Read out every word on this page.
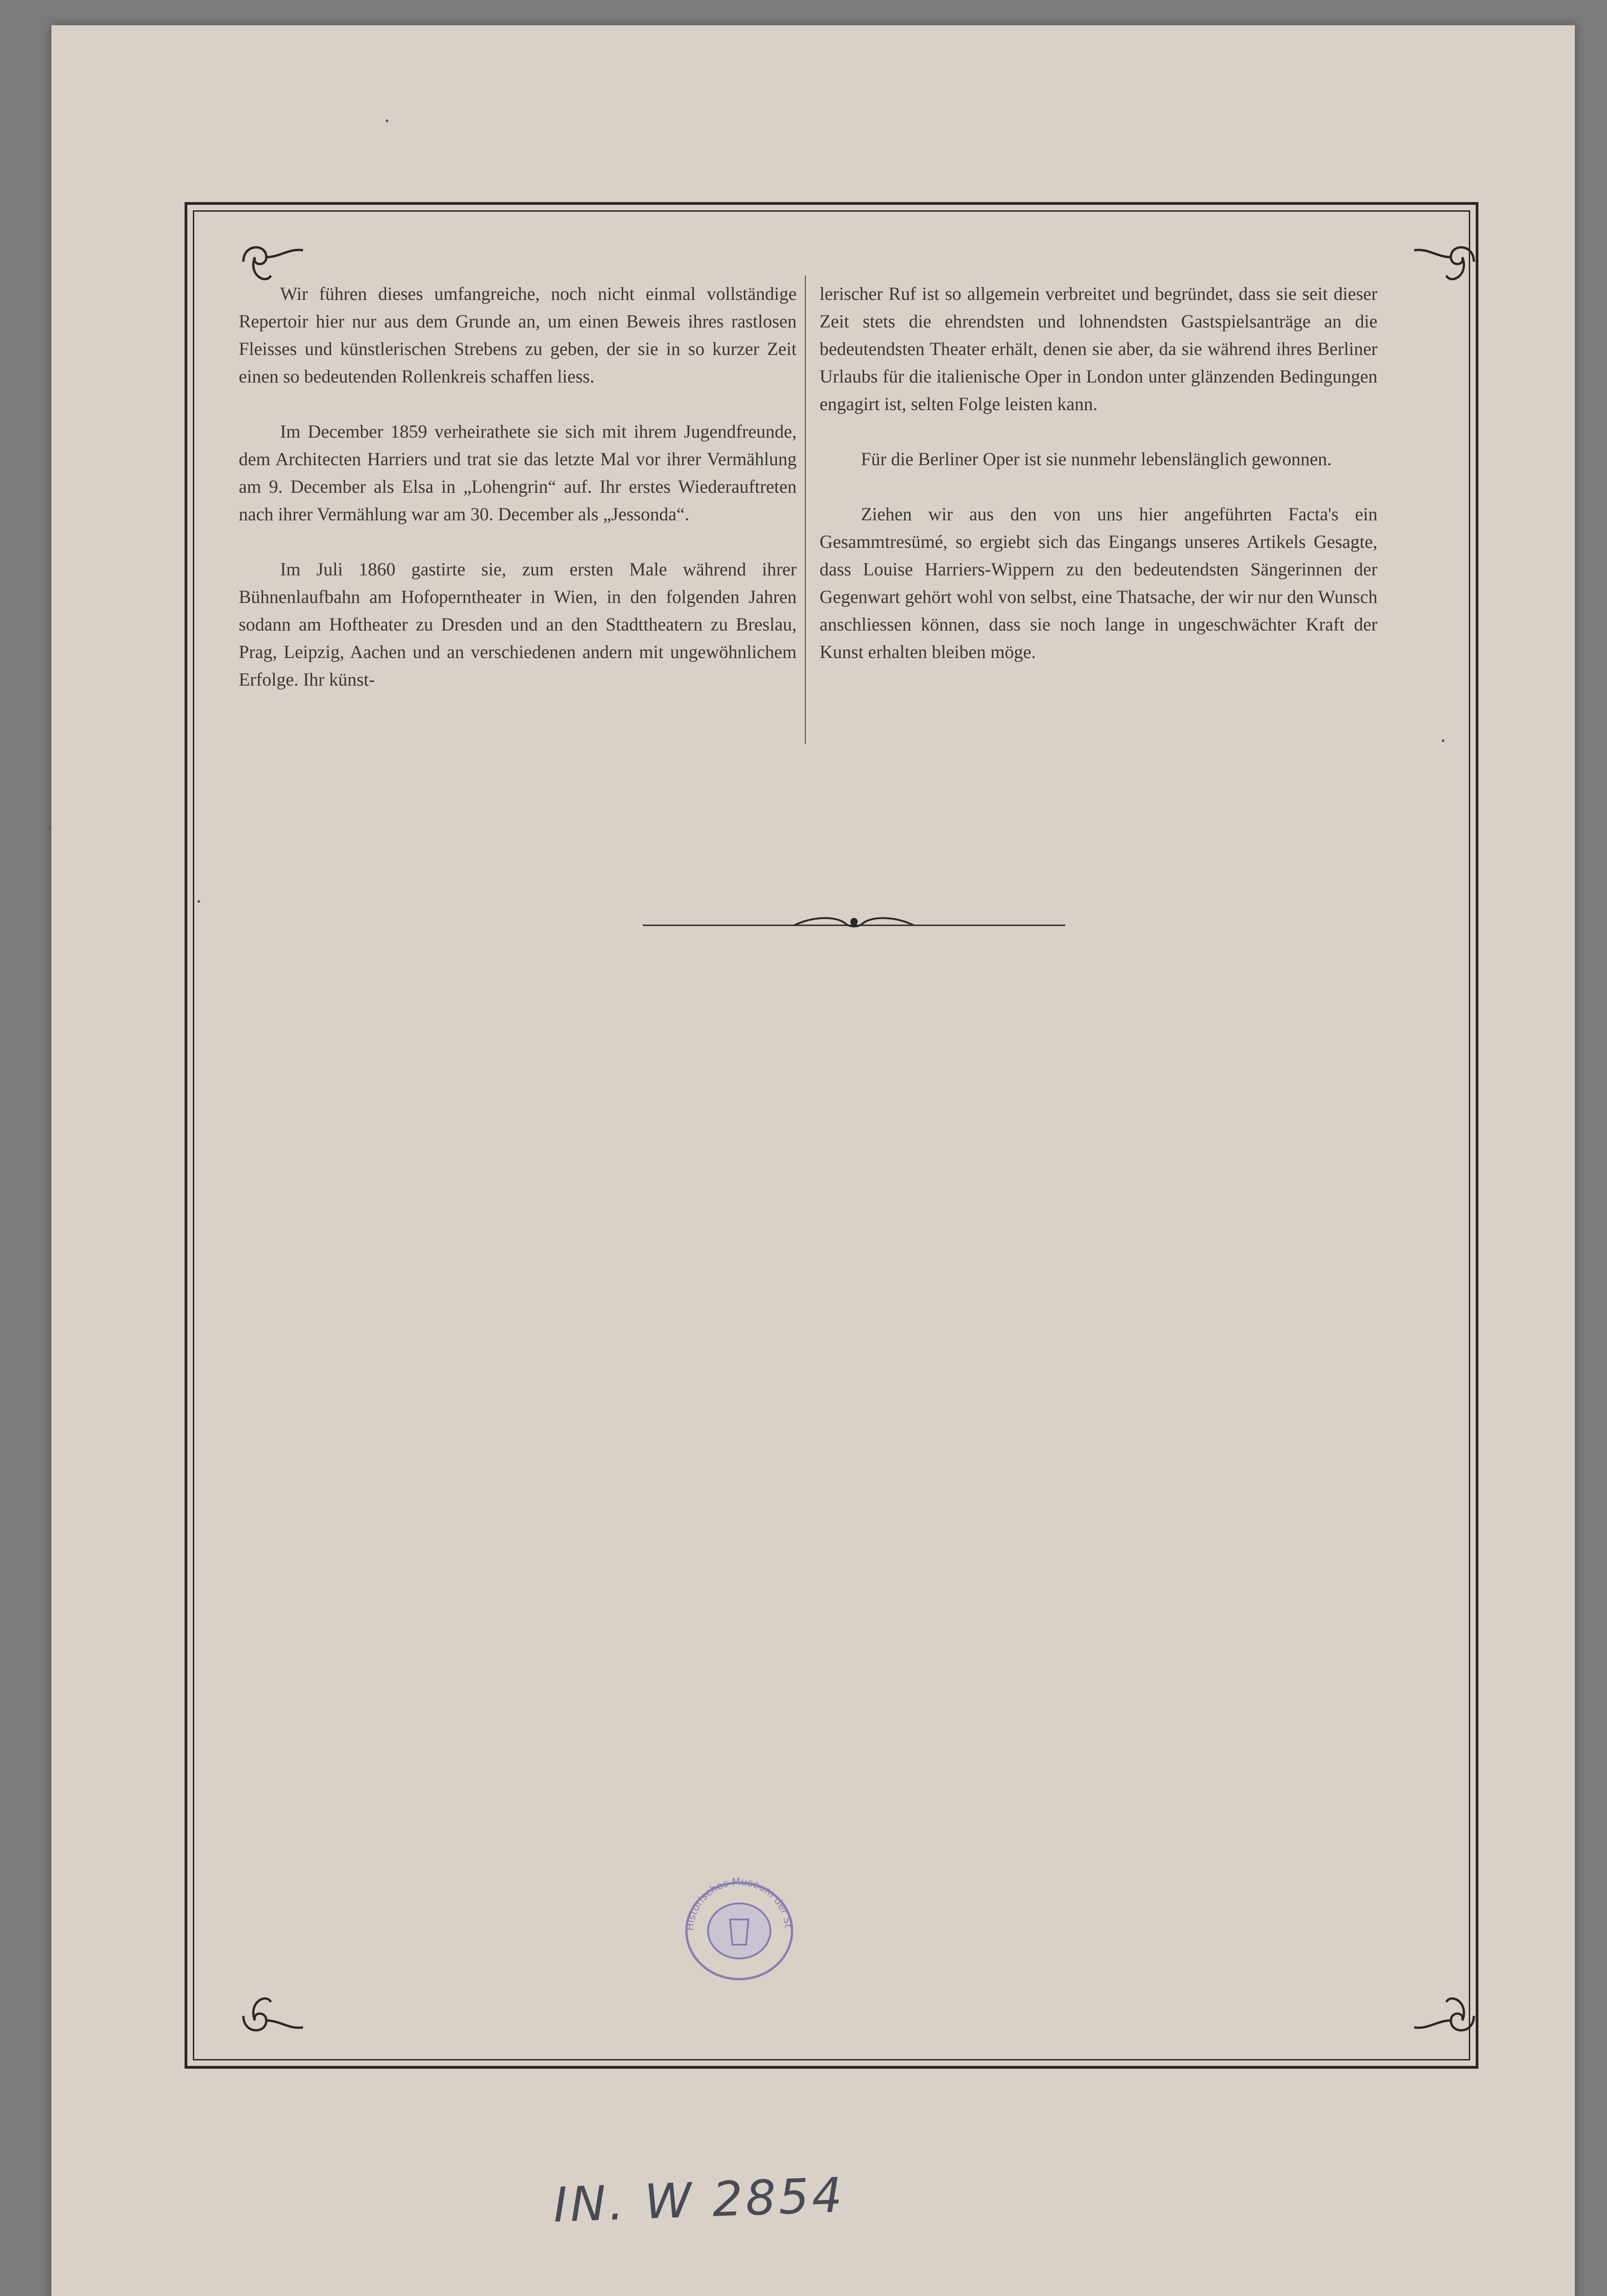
Wir führen dieses umfangreiche, noch nicht einmal vollständige Repertoir hier nur aus dem Grunde an, um einen Beweis ihres rastlosen Fleisses und künstlerischen Strebens zu geben, der sie in so kurzer Zeit einen so bedeutenden Rollenkreis schaffen liess.

Im December 1859 verheirathete sie sich mit ihrem Jugendfreunde, dem Architecten Harriers und trat sie das letzte Mal vor ihrer Vermählung am 9. December als Elsa in „Lohengrin“ auf. Ihr erstes Wiederauftreten nach ihrer Vermählung war am 30. December als „Jessonda“.

Im Juli 1860 gastirte sie, zum ersten Male während ihrer Bühnenlaufbahn am Hofoperntheater in Wien, in den folgenden Jahren sodann am Hoftheater zu Dresden und an den Stadttheatern zu Breslau, Prag, Leipzig, Aachen und an verschiedenen andern mit ungewöhnlichem Erfolge. Ihr künst-

lerischer Ruf ist so allgemein verbreitet und begründet, dass sie seit dieser Zeit stets die ehrendsten und lohnendsten Gastspielsanträge an die bedeutendsten Theater erhält, denen sie aber, da sie während ihres Berliner Urlaubs für die italienische Oper in London unter glänzenden Bedingungen engagirt ist, selten Folge leisten kann.

Für die Berliner Oper ist sie nunmehr lebenslänglich gewonnen.

Ziehen wir aus den von uns hier angeführten Facta's ein Gesammtresümé, so ergiebt sich das Eingangs unseres Artikels Gesagte, dass Louise Harriers-Wippern zu den bedeutendsten Sängerinnen der Gegenwart gehört wohl von selbst, eine Thatsache, der wir nur den Wunsch anschliessen können, dass sie noch lange in ungeschwächter Kraft der Kunst erhalten bleiben möge.

Historisches Museum der St
IN. W 2854
